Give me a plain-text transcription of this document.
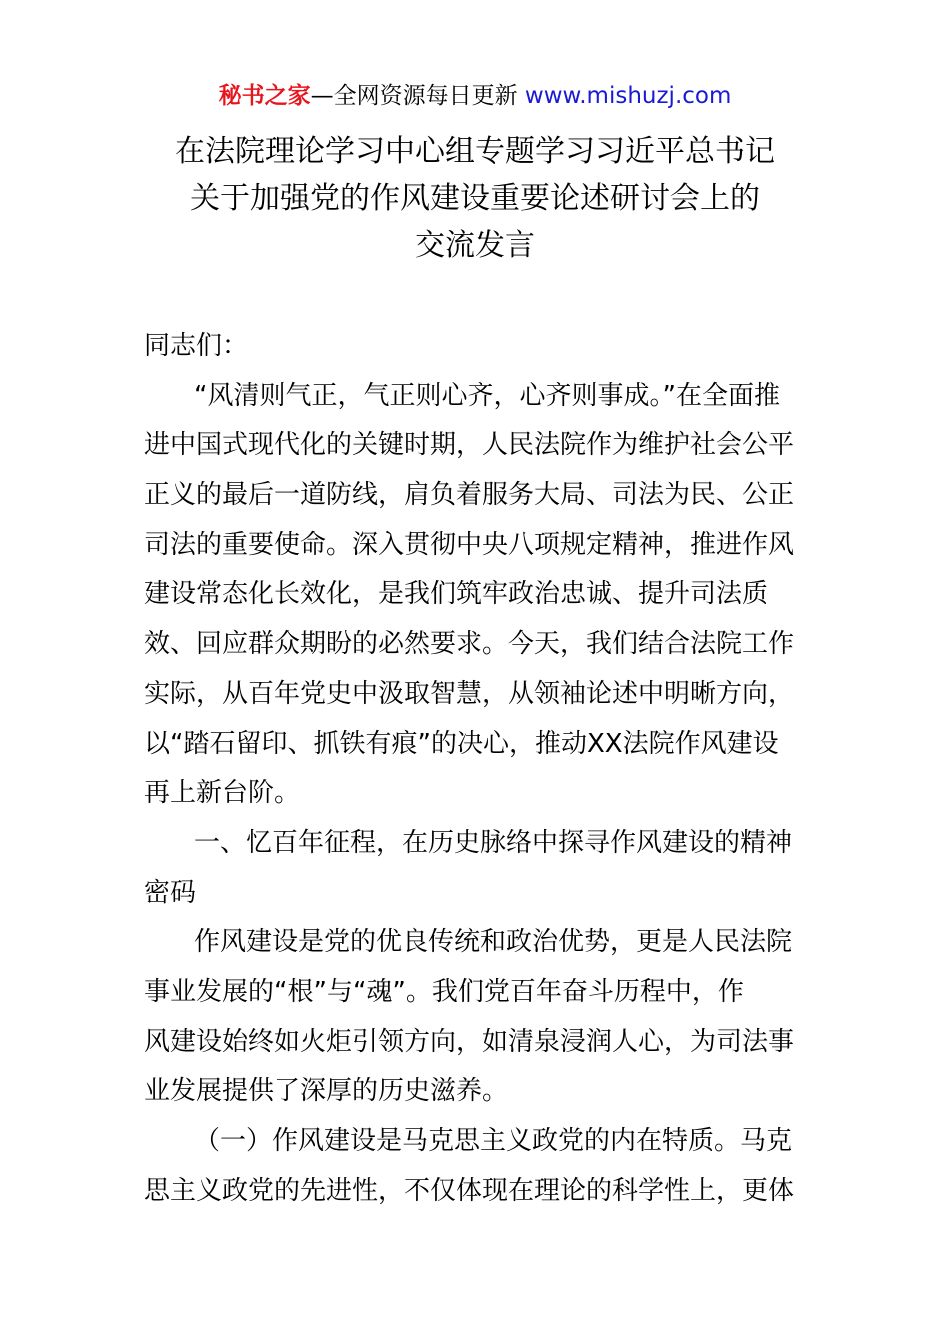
秘书之家—全网资源每日更新 www.mishuzj.com
在法院理论学习中心组专题学习习近平总书记
关于加强党的作风建设重要论述研讨会上的
交流发言
同志们：
“风清则气正，气正则心齐，心齐则事成。”在全面推
进中国式现代化的关键时期，人民法院作为维护社会公平
正义的最后一道防线，肩负着服务大局、司法为民、公正
司法的重要使命。深入贯彻中央八项规定精神，推进作风
建设常态化长效化，是我们筑牢政治忠诚、提升司法质
效、回应群众期盼的必然要求。今天，我们结合法院工作
实际，从百年党史中汲取智慧，从领袖论述中明晰方向，
以“踏石留印、抓铁有痕”的决心，推动XX法院作风建设
再上新台阶。
一、忆百年征程，在历史脉络中探寻作风建设的精神
密码
作风建设是党的优良传统和政治优势，更是人民法院
事业发展的“根”与“魂”。我们党百年奋斗历程中，作
风建设始终如火炬引领方向，如清泉浸润人心，为司法事
业发展提供了深厚的历史滋养。
（一）作风建设是马克思主义政党的内在特质。马克
思主义政党的先进性，不仅体现在理论的科学性上，更体
